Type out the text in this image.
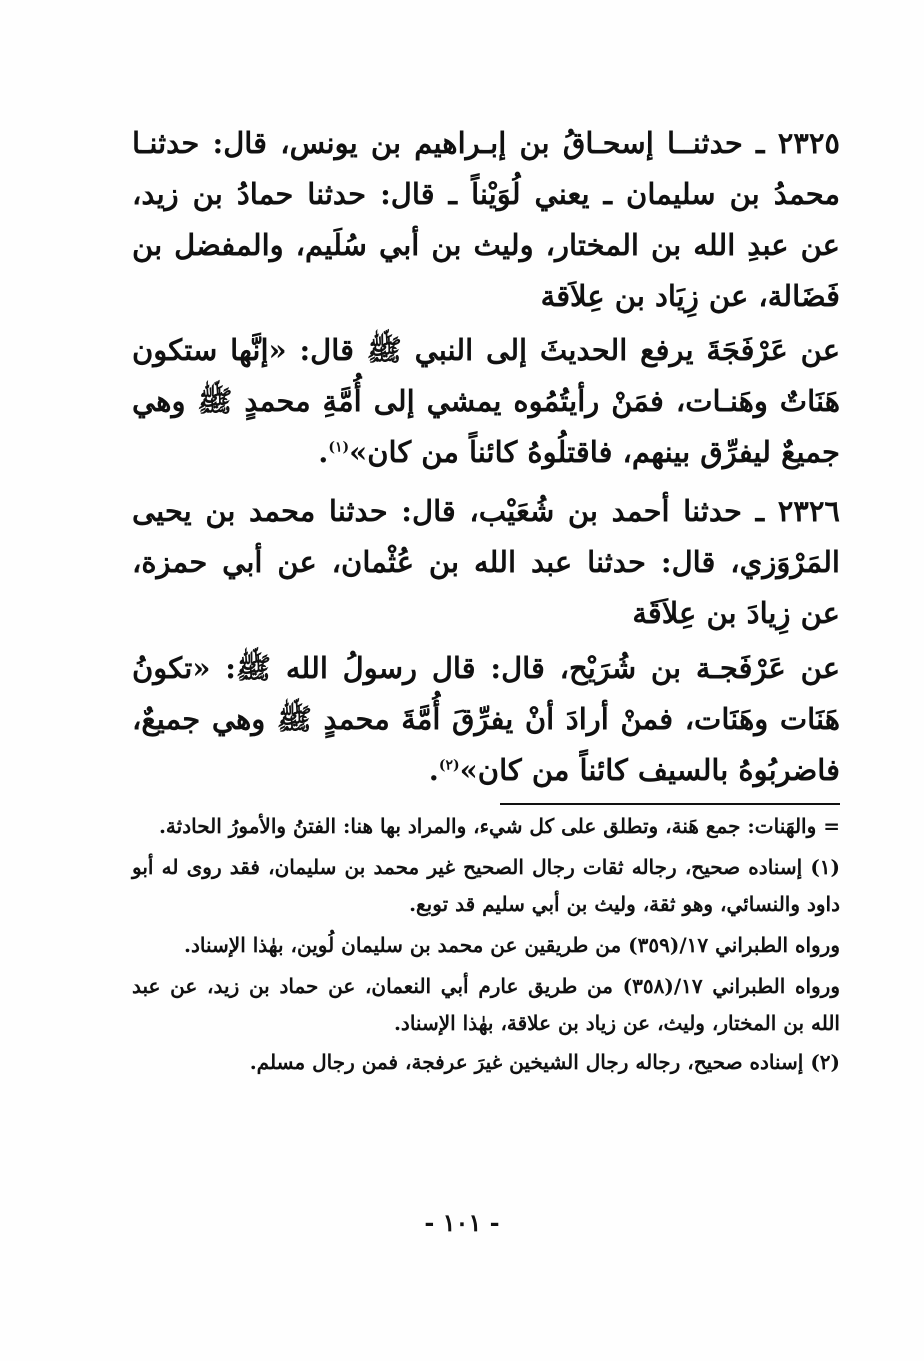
٢٣٢٥ ـ حدثنــا إسحـاقُ بن إبـراهيم بن يونس، قال: حدثنـا محمدُ بن سليمان ـ يعني لُوَيْناً ـ قال: حدثنا حمادُ بن زيد، عن عبدِ الله بن المختار، وليث بن أبي سُلَيم، والمفضل بن فَضَالة، عن زِيَاد بن عِلاَقة

عن عَرْفَجَةَ يرفع الحديثَ إلى النبي ﷺ قال: «إنَّها ستكون هَنَاتٌ وهَنـات، فمَنْ رأيتُمُوه يمشي إلى أُمَّةِ محمدٍ ﷺ وهي جميعٌ ليفرِّق بينهم، فاقتلُوهُ كائناً من كان»$^{(١)}$.

٢٣٢٦ ـ حدثنا أحمد بن شُعَيْب، قال: حدثنا محمد بن يحيى المَرْوَزي، قال: حدثنا عبد الله بن عُثْمان، عن أبي حمزة، عن زِيادَ بن عِلاَقَة

عن عَرْفَجـة بن شُرَيْح، قال: قال رسولُ الله ﷺ: «تكونُ هَنَات وهَنَات، فمنْ أرادَ أنْ يفرِّقَ أُمَّةَ محمدٍ ﷺ وهي جميعٌ، فاضربُوهُ بالسيف كائناً من كان»$^{(٢)}$.

= والهَنات: جمع هَنة، وتطلق على كل شيء، والمراد بها هنا: الفتنُ والأمورُ الحادثة.

(١) إسناده صحيح، رجاله ثقات رجال الصحيح غير محمد بن سليمان، فقد روى له أبو داود والنسائي، وهو ثقة، وليث بن أبي سليم قد توبع.

ورواه الطبراني ١٧/(٣٥٩) من طريقين عن محمد بن سليمان لُوين، بهٰذا الإسناد.

ورواه الطبراني ١٧/(٣٥٨) من طريق عارم أبي النعمان، عن حماد بن زيد، عن عبد الله بن المختار، وليث، عن زياد بن علاقة، بهٰذا الإسناد.

(٢) إسناده صحيح، رجاله رجال الشيخين غيرَ عرفجة، فمن رجال مسلم.

- ١٠١ -
